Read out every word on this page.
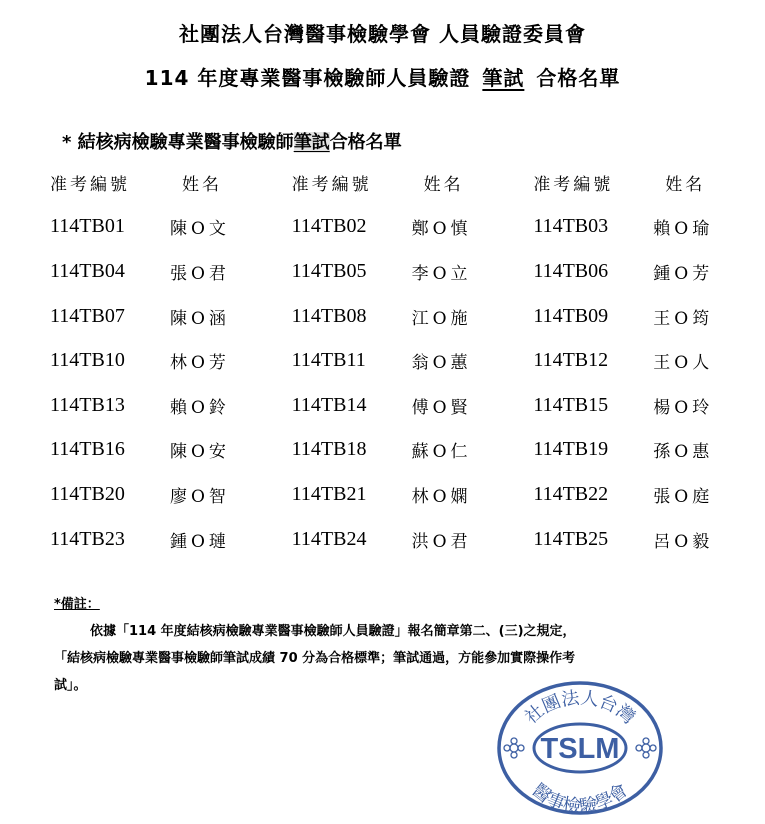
社團法人台灣醫事檢驗學會 人員驗證委員會
114 年度專業醫事檢驗師人員驗證 筆試 合格名單
* 結核病檢驗專業醫事檢驗師筆試合格名單
准考編號	姓名	准考編號	姓名	准考編號	姓名
114TB01	陳O文	114TB02	鄭O慎	114TB03	賴O瑜
114TB04	張O君	114TB05	李O立	114TB06	鍾O芳
114TB07	陳O涵	114TB08	江O施	114TB09	王O筠
114TB10	林O芳	114TB11	翁O蕙	114TB12	王O人
114TB13	賴O鈴	114TB14	傅O賢	114TB15	楊O玲
114TB16	陳O安	114TB18	蘇O仁	114TB19	孫O惠
114TB20	廖O智	114TB21	林O嫻	114TB22	張O庭
114TB23	鍾O璉	114TB24	洪O君	114TB25	呂O毅
*備註：
依據「114 年度結核病檢驗專業醫事檢驗師人員驗證」報名簡章第二、(三)之規定，
「結核病檢驗專業醫事檢驗師筆試成績 70 分為合格標準；筆試通過，方能參加實際操作考
試」。
社團法人台灣
醫事檢驗學會
TSLM
